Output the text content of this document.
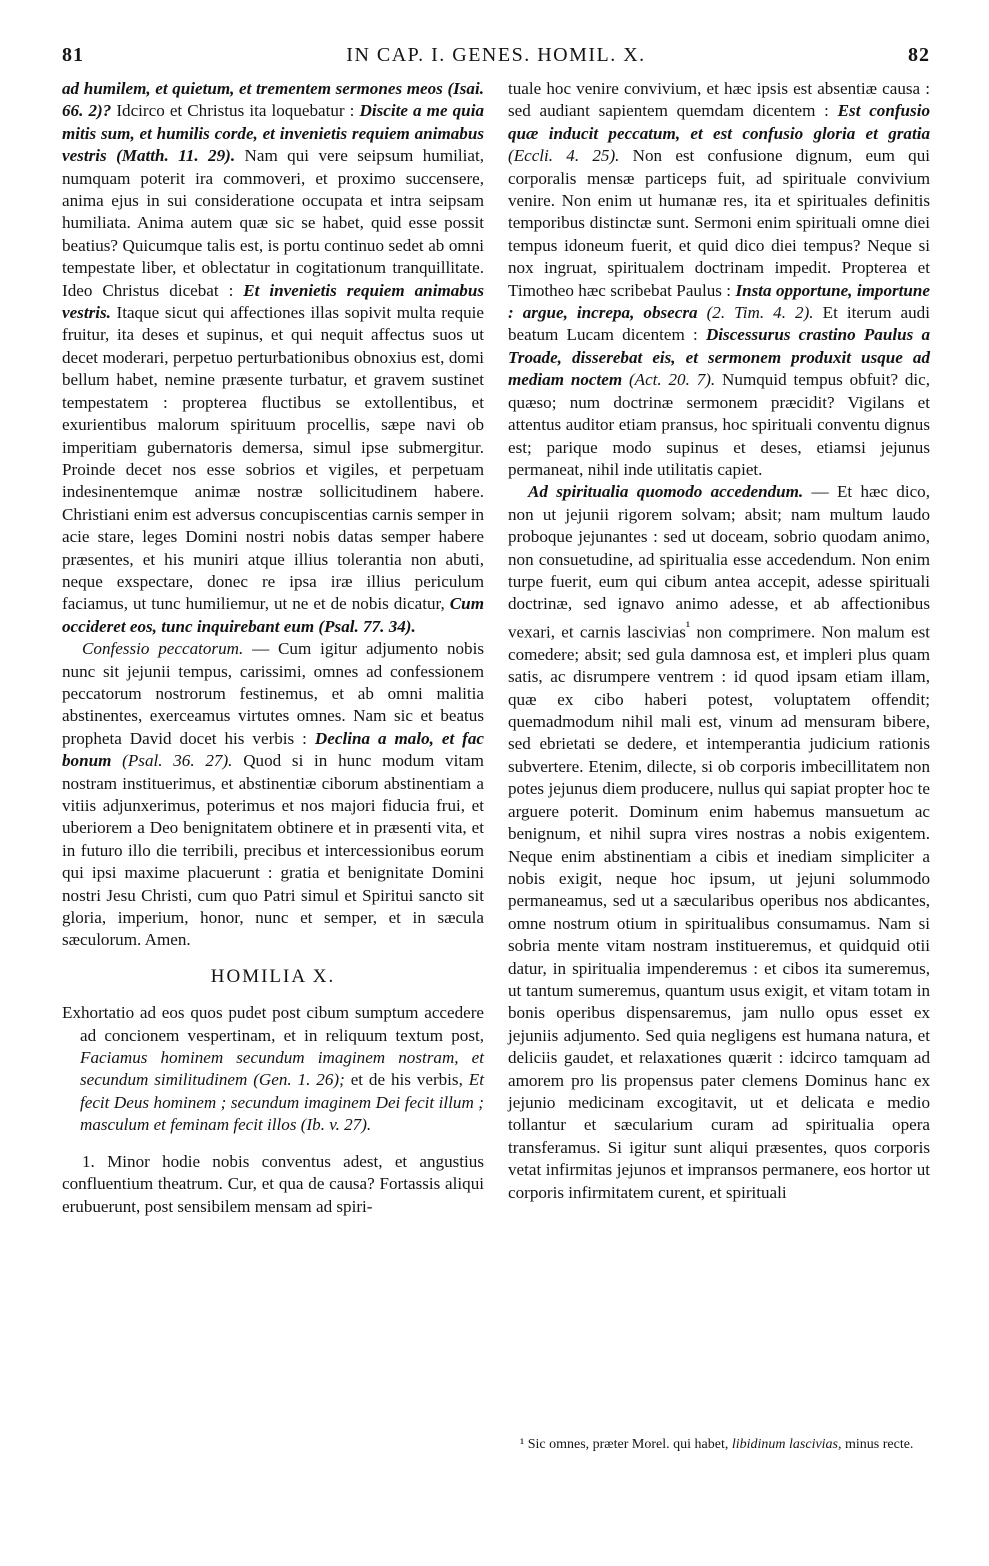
81	IN CAP. I. GENES. HOMIL. X.	82

ad humilem, et quietum, et trementem sermones meos (Isai. 66. 2)? Idcirco et Christus ita loquebatur : Discite a me quia mitis sum, et humilis corde, et invenietis requiem animabus vestris (Matth. 11. 29). Nam qui vere seipsum humiliat, numquam poterit ira commoveri, et proximo succensere, anima ejus in sui consideratione occupata et intra seipsam humiliata. Anima autem quæ sic se habet, quid esse possit beatius? Quicumque talis est, is portu continuo sedet ab omni tempestate liber, et oblectatur in cogitationum tranquillitate. Ideo Christus dicebat : Et invenietis requiem animabus vestris. Itaque sicut qui affectiones illas sopivit multa requie fruitur, ita deses et supinus, et qui nequit affectus suos ut decet moderari, perpetuo perturbationibus obnoxius est, domi bellum habet, nemine præsente turbatur, et gravem sustinet tempestatem : propterea fluctibus se extollentibus, et exurientibus malorum spirituum procellis, sæpe navi ob imperitiam gubernatoris demersa, simul ipse submergitur. Proinde decet nos esse sobrios et vigiles, et perpetuam indesinentemque animæ nostræ sollicitudinem habere. Christiani enim est adversus concupiscentias carnis semper in acie stare, leges Domini nostri nobis datas semper habere præsentes, et his muniri atque illius tolerantia non abuti, neque exspectare, donec re ipsa iræ illius periculum faciamus, ut tunc humiliemur, ut ne et de nobis dicatur, Cum occideret eos, tunc inquirebant eum (Psal. 77. 34).

Confessio peccatorum. — Cum igitur adjumento nobis nunc sit jejunii tempus, carissimi, omnes ad confessionem peccatorum nostrorum festinemus, et ab omni malitia abstinentes, exerceamus virtutes omnes. Nam sic et beatus propheta David docet his verbis : Declina a malo, et fac bonum (Psal. 36. 27). Quod si in hunc modum vitam nostram instituerimus, et abstinentiæ ciborum abstinentiam a vitiis adjunxerimus, poterimus et nos majori fiducia frui, et uberiorem a Deo benignitatem obtinere et in præsenti vita, et in futuro illo die terribili, precibus et intercessionibus eorum qui ipsi maxime placuerunt : gratia et benignitate Domini nostri Jesu Christi, cum quo Patri simul et Spiritui sancto sit gloria, imperium, honor, nunc et semper, et in sæcula sæculorum. Amen.

HOMILIA X.

Exhortatio ad eos quos pudet post cibum sumptum accedere ad concionem vespertinam, et in reliquum textum post, Faciamus hominem secundum imaginem nostram, et secundum similitudinem (Gen. 1. 26); et de his verbis, Et fecit Deus hominem ; secundum imaginem Dei fecit illum ; masculum et feminam fecit illos (Ib. v. 27).

1. Minor hodie nobis conventus adest, et angustius confluentium theatrum. Cur, et qua de causa? Fortassis aliqui erubuerunt, post sensibilem mensam ad spiri-

tuale hoc venire convivium, et hæc ipsis est absentiæ causa : sed audiant sapientem quemdam dicentem : Est confusio quæ inducit peccatum, et est confusio gloria et gratia (Eccli. 4. 25). Non est confusione dignum, eum qui corporalis mensæ particeps fuit, ad spirituale convivium venire. Non enim ut humanæ res, ita et spirituales definitis temporibus distinctæ sunt. Sermoni enim spirituali omne diei tempus idoneum fuerit, et quid dico diei tempus? Neque si nox ingruat, spiritualem doctrinam impedit. Propterea et Timotheo hæc scribebat Paulus : Insta opportune, importune : argue, increpa, obsecra (2. Tim. 4. 2). Et iterum audi beatum Lucam dicentem : Discessurus crastino Paulus a Troade, disserebat eis, et sermonem produxit usque ad mediam noctem (Act. 20. 7). Numquid tempus obfuit? dic, quæso; num doctrinæ sermonem præcidit? Vigilans et attentus auditor etiam pransus, hoc spirituali conventu dignus est; parique modo supinus et deses, etiamsi jejunus permaneat, nihil inde utilitatis capiet.

Ad spiritualia quomodo accedendum. — Et hæc dico, non ut jejunii rigorem solvam; absit; nam multum laudo proboque jejunantes : sed ut doceam, sobrio quodam animo, non consuetudine, ad spiritualia esse accedendum. Non enim turpe fuerit, eum qui cibum antea accepit, adesse spirituali doctrinæ, sed ignavo animo adesse, et ab affectionibus vexari, et carnis lascivias$^{^1}$ non comprimere. Non malum est comedere; absit; sed gula damnosa est, et impleri plus quam satis, ac disrumpere ventrem : id quod ipsam etiam illam, quæ ex cibo haberi potest, voluptatem offendit; quemadmodum nihil mali est, vinum ad mensuram bibere, sed ebrietati se dedere, et intemperantia judicium rationis subvertere. Etenim, dilecte, si ob corporis imbecillitatem non potes jejunus diem producere, nullus qui sapiat propter hoc te arguere poterit. Dominum enim habemus mansuetum ac benignum, et nihil supra vires nostras a nobis exigentem. Neque enim abstinentiam a cibis et inediam simpliciter a nobis exigit, neque hoc ipsum, ut jejuni solummodo permaneamus, sed ut a sæcularibus operibus nos abdicantes, omne nostrum otium in spiritualibus consumamus. Nam si sobria mente vitam nostram institueremus, et quidquid otii datur, in spiritualia impenderemus : et cibos ita sumeremus, ut tantum sumeremus, quantum usus exigit, et vitam totam in bonis operibus dispensaremus, jam nullo opus esset ex jejuniis adjumento. Sed quia negligens est humana natura, et deliciis gaudet, et relaxationes quærit : idcirco tamquam ad amorem pro lis propensus pater clemens Dominus hanc ex jejunio medicinam excogitavit, ut et delicata e medio tollantur et sæcularium curam ad spiritualia opera transferamus. Si igitur sunt aliqui præsentes, quos corporis vetat infirmitas jejunos et impransos permanere, eos hortor ut corporis infirmitatem curent, et spirituali

¹ Sic omnes, præter Morel. qui habet, libidinum lascivias, minus recte.
